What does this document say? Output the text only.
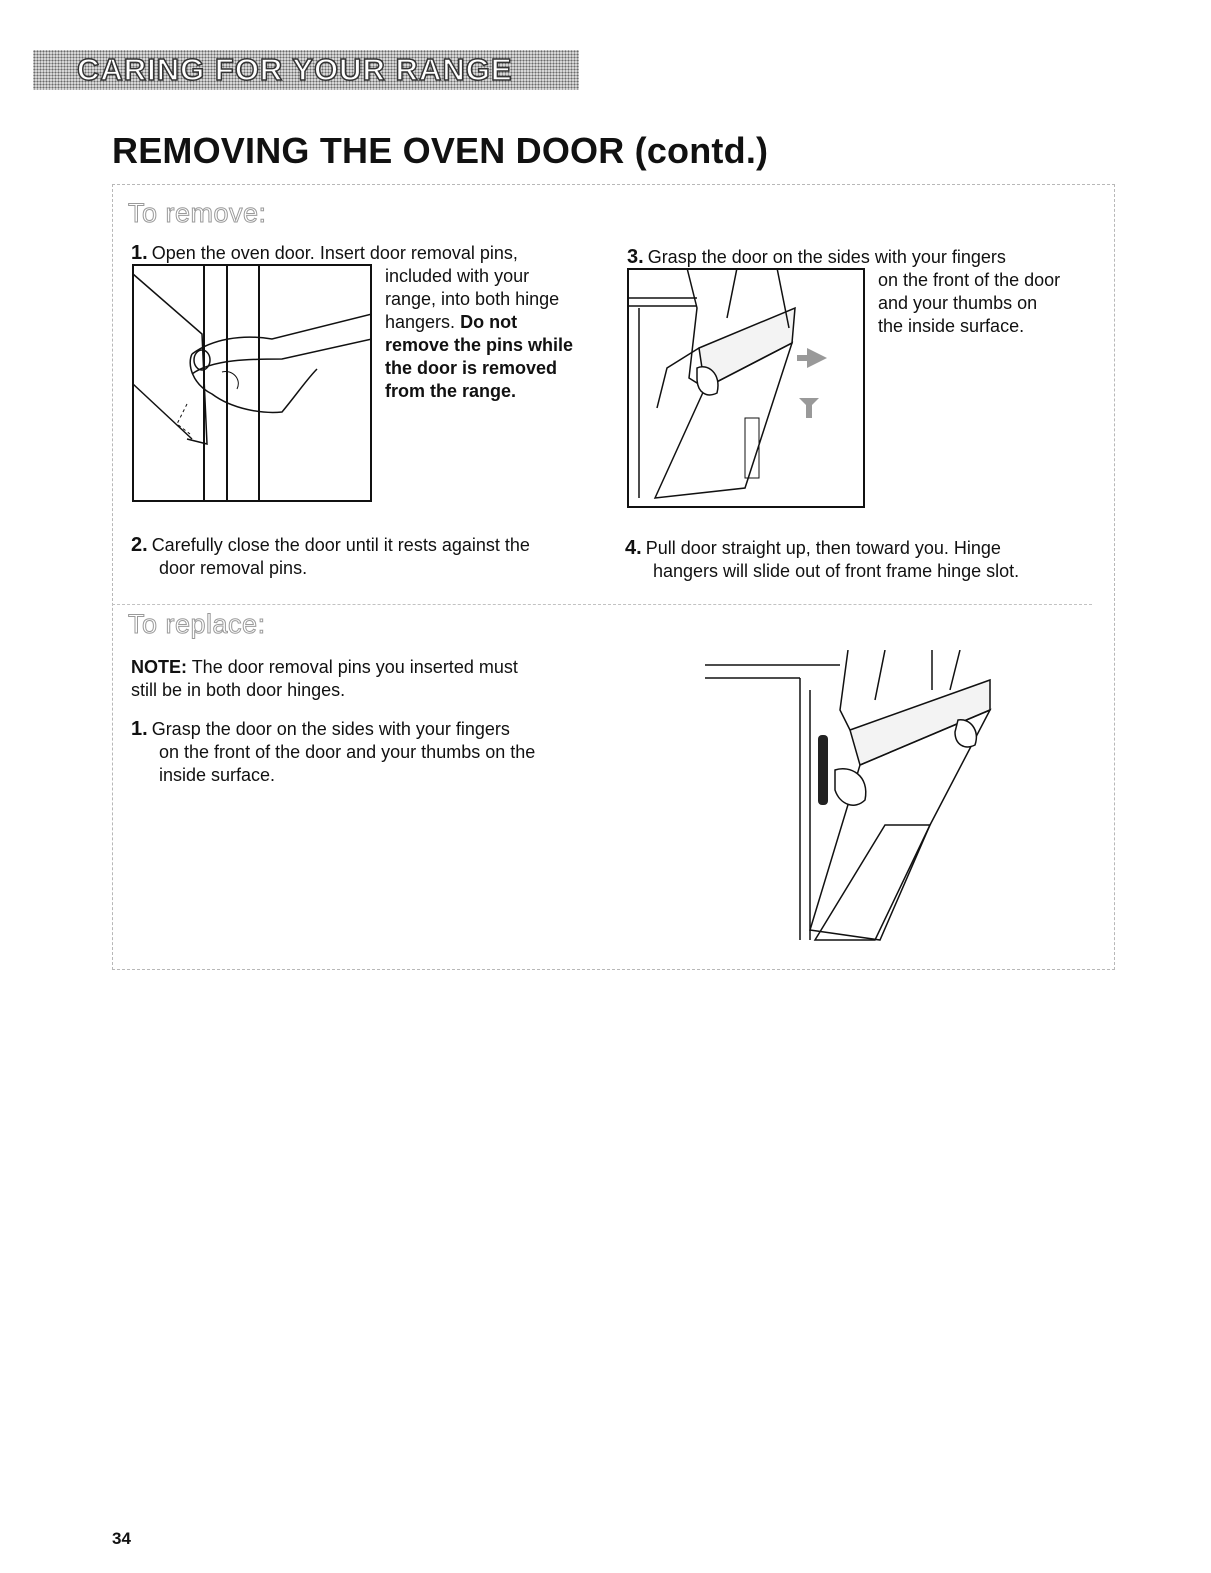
CARING FOR YOUR RANGE
REMOVING THE OVEN DOOR (contd.)
To remove:
1. Open the oven door. Insert door removal pins,
included with your
range, into both hinge
hangers. Do not
remove the pins while
the door is removed
from the range.
3. Grasp the door on the sides with your fingers
on the front of the door
and your thumbs on
the inside surface.
2. Carefully close the door until it rests against the
door removal pins.
4. Pull door straight up, then toward you. Hinge
hangers will slide out of front frame hinge slot.
To replace:
NOTE: The door removal pins you inserted must
still be in both door hinges.
1. Grasp the door on the sides with your fingers
on the front of the door and your thumbs on the
inside surface.
34
